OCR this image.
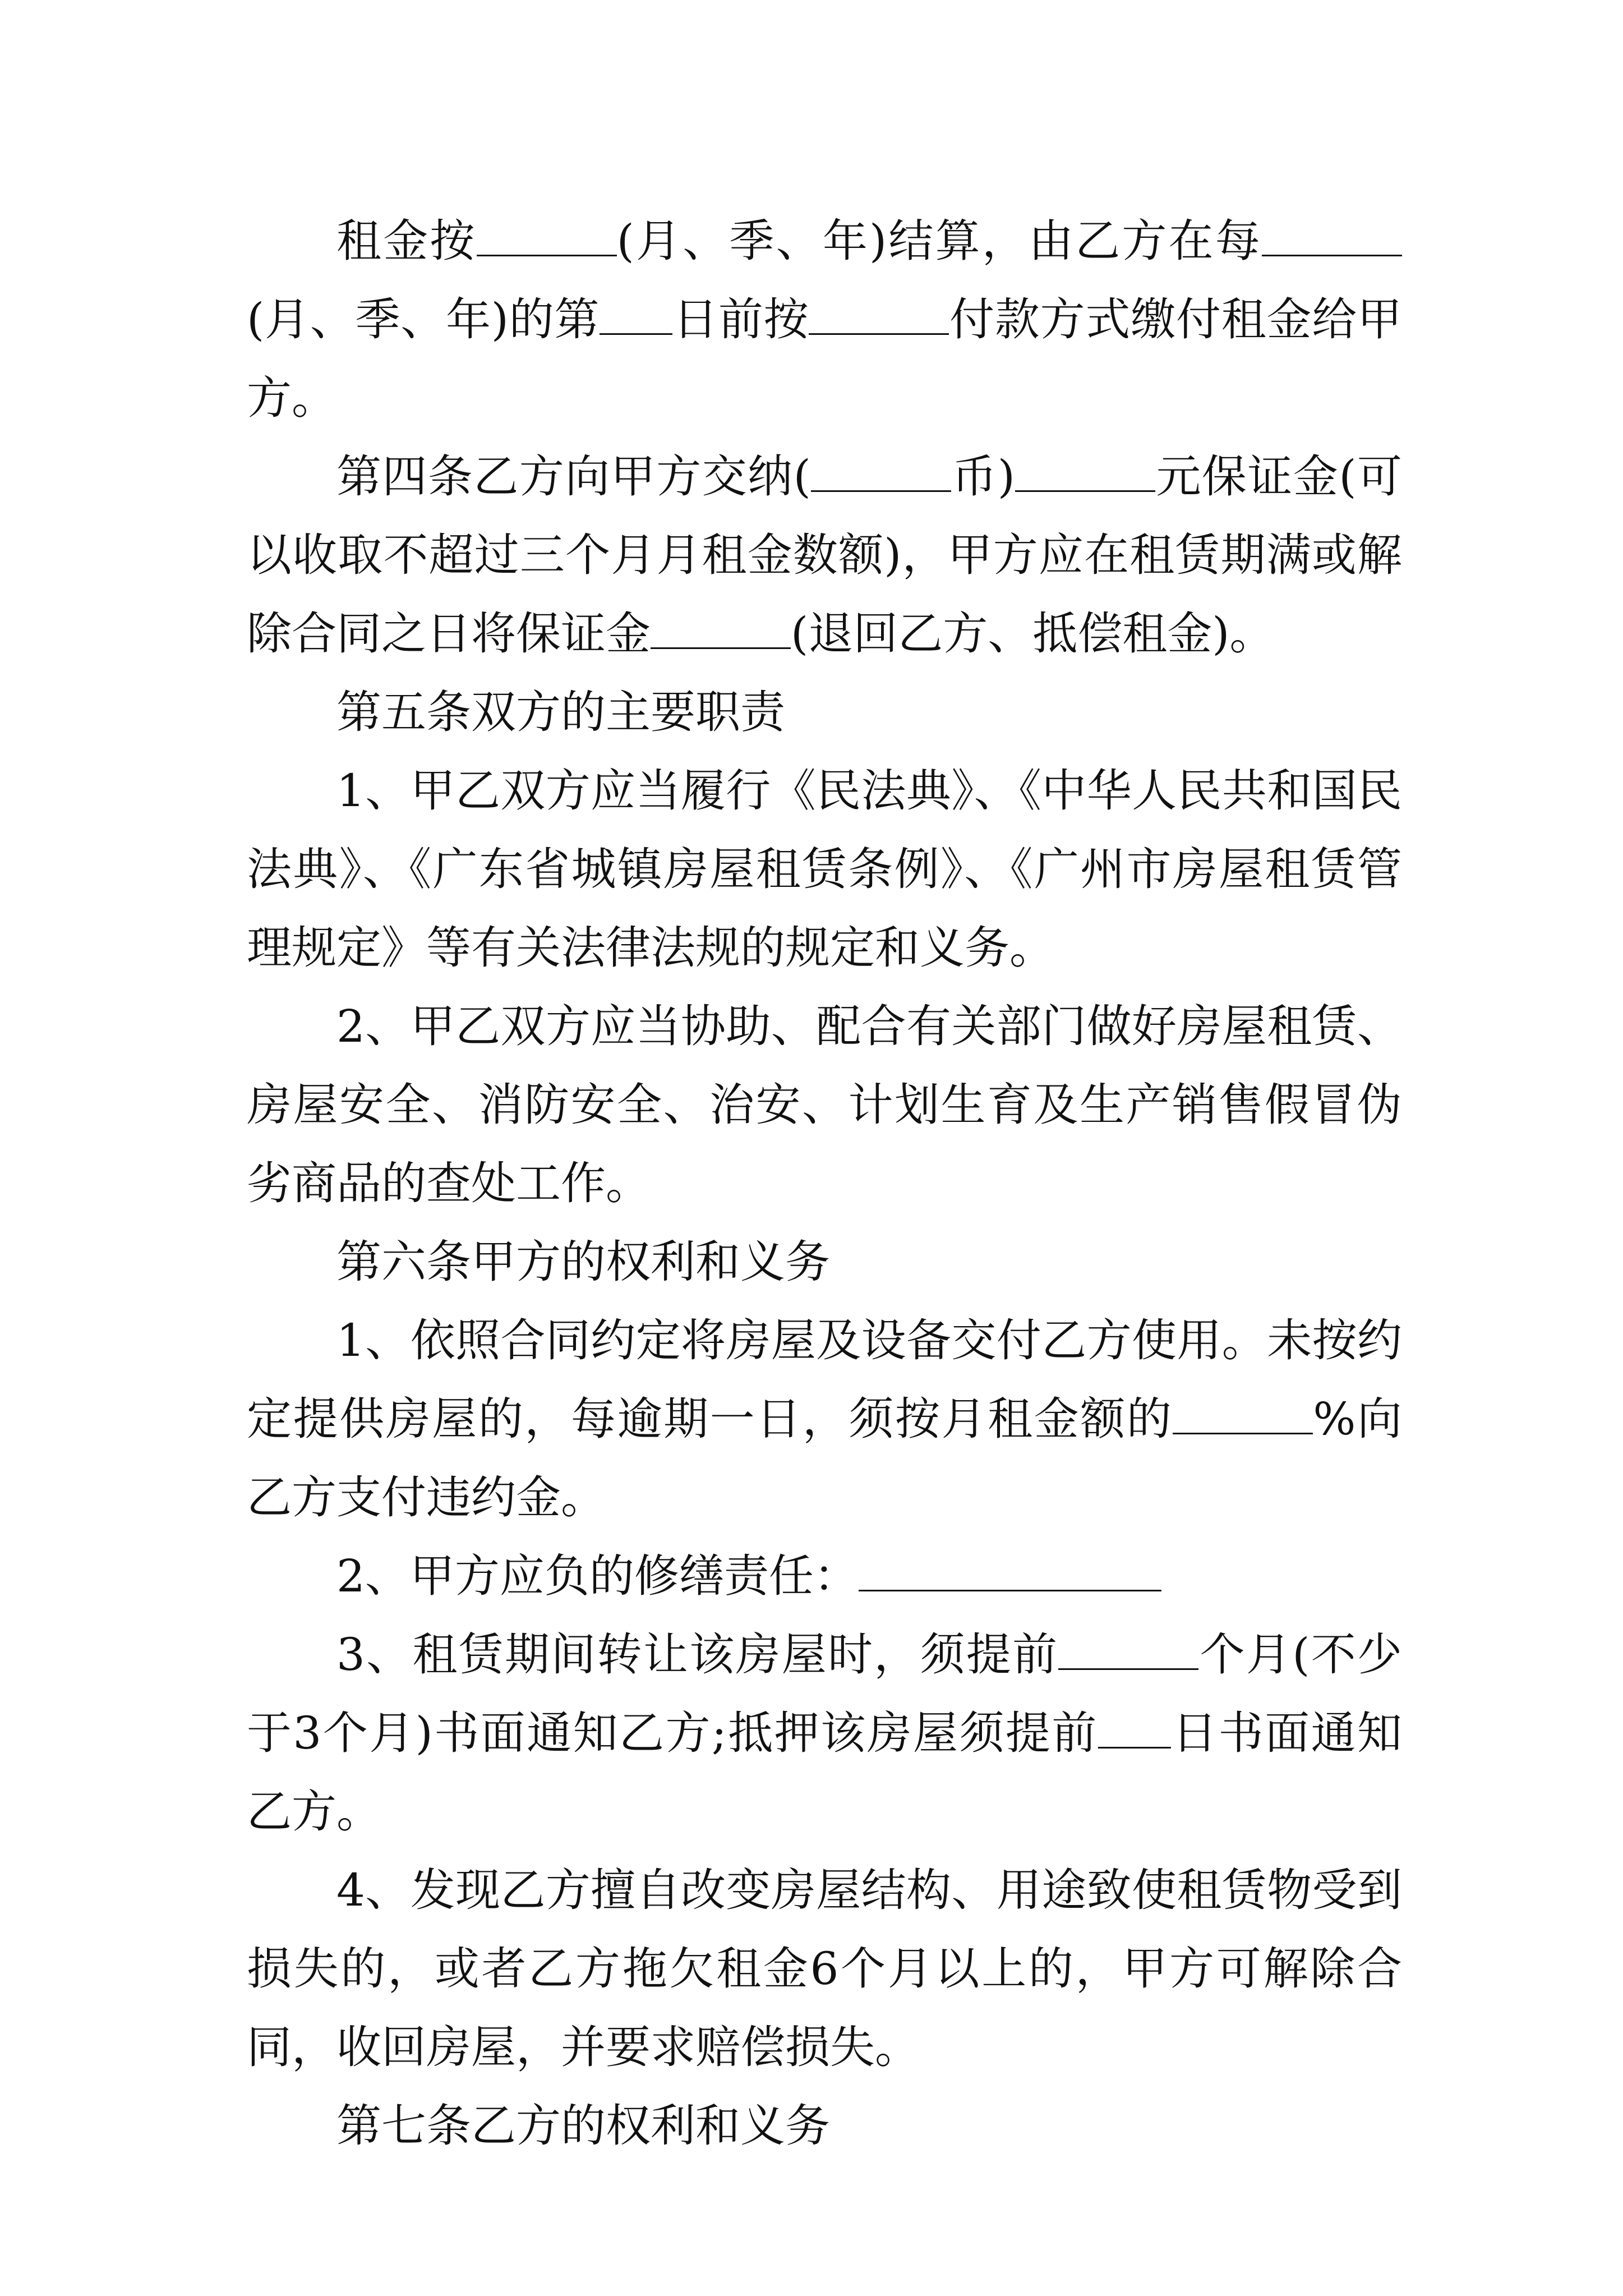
租金按	(月、季、年)结算，由乙方在每(月、季、年)的第 日前按	付款方式缴付租金给甲方。

第四条乙方向甲方交纳(	币)	元保证金(可以收取不超过三个月月租金数额)，甲方应在租赁期满或解除合同之日将保证金	(退回乙方、抵偿租金)。

第五条双方的主要职责

1、甲乙双方应当履行《民法典》、《中华人民共和国民法典》、《广东省城镇房屋租赁条例》、《广州市房屋租赁管理规定》等有关法律法规的规定和义务。

2、甲乙双方应当协助、配合有关部门做好房屋租赁、房屋安全、消防安全、治安、计划生育及生产销售假冒伪劣商品的查处工作。

第六条甲方的权利和义务

1、依照合同约定将房屋及设备交付乙方使用。未按约定提供房屋的，每逾期一日，须按月租金额的	%向乙方支付违约金。

2、甲方应负的修缮责任：

3、租赁期间转让该房屋时，须提前	个月(不少于3个月)书面通知乙方;抵押该房屋须提前 日书面通知乙方。

4、发现乙方擅自改变房屋结构、用途致使租赁物受到损失的，或者乙方拖欠租金6个月以上的，甲方可解除合同，收回房屋，并要求赔偿损失。

第七条乙方的权利和义务
